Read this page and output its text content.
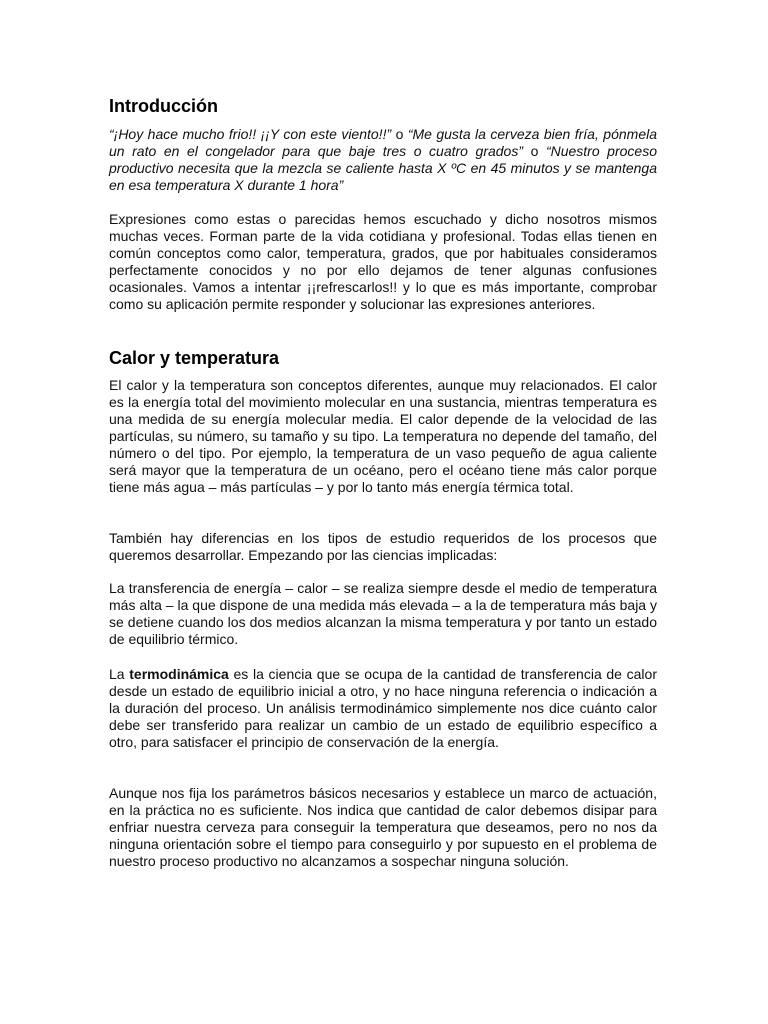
Introducción

“¡Hoy hace mucho frio!! ¡¡Y con este viento!!” o “Me gusta la cerveza bien fría, pónmela un rato en el congelador para que baje tres o cuatro grados” o “Nuestro proceso productivo necesita que la mezcla se caliente hasta X ºC en 45 minutos y se mantenga en esa temperatura X durante 1 hora”

Expresiones como estas o parecidas hemos escuchado y dicho nosotros mismos muchas veces. Forman parte de la vida cotidiana y profesional. Todas ellas tienen en común conceptos como calor, temperatura, grados, que por habituales consideramos perfectamente conocidos y no por ello dejamos de tener algunas confusiones ocasionales. Vamos a intentar ¡¡refrescarlos!! y lo que es más importante, comprobar como su aplicación permite responder y solucionar las expresiones anteriores.

Calor y temperatura

El calor y la temperatura son conceptos diferentes, aunque muy relacionados. El calor es la energía total del movimiento molecular en una sustancia, mientras temperatura es una medida de su energía molecular media. El calor depende de la velocidad de las partículas, su número, su tamaño y su tipo. La temperatura no depende del tamaño, del número o del tipo. Por ejemplo, la temperatura de un vaso pequeño de agua caliente será mayor que la temperatura de un océano, pero el océano tiene más calor porque tiene más agua – más partículas – y por lo tanto más energía térmica total.

También hay diferencias en los tipos de estudio requeridos de los procesos que queremos desarrollar. Empezando por las ciencias implicadas:

La transferencia de energía – calor – se realiza siempre desde el medio de temperatura más alta – la que dispone de una medida más elevada – a la de temperatura más baja y se detiene cuando los dos medios alcanzan la misma temperatura y por tanto un estado de equilibrio térmico.

La termodinámica es la ciencia que se ocupa de la cantidad de transferencia de calor desde un estado de equilibrio inicial a otro, y no hace ninguna referencia o indicación a la duración del proceso. Un análisis termodinámico simplemente nos dice cuánto calor debe ser transferido para realizar un cambio de un estado de equilibrio específico a otro, para satisfacer el principio de conservación de la energía.

Aunque nos fija los parámetros básicos necesarios y establece un marco de actuación, en la práctica no es suficiente. Nos indica que cantidad de calor debemos disipar para enfriar nuestra cerveza para conseguir la temperatura que deseamos, pero no nos da ninguna orientación sobre el tiempo para conseguirlo y por supuesto en el problema de nuestro proceso productivo no alcanzamos a sospechar ninguna solución.
